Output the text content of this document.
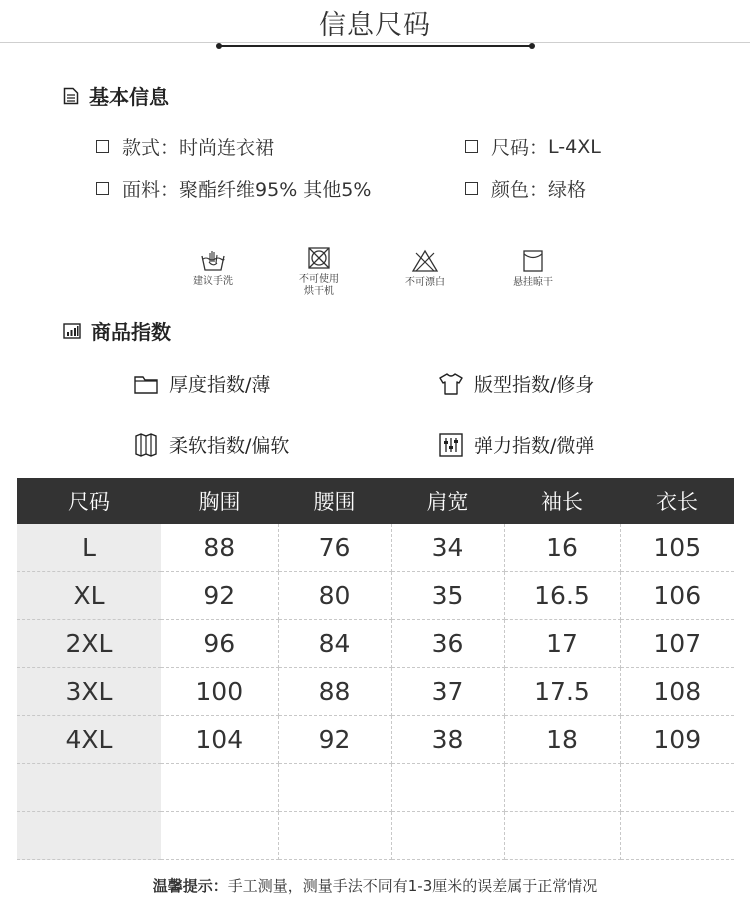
信息尺码
基本信息
款式 ： 时尚连衣裙	尺码 ： L-4XL
面料 ： 聚酯纤维95% 其他5%	颜色 ： 绿格
建议手洗	不可使用
烘干机
不可漂白	悬挂晾干
商品指数
厚度指数/薄	版型指数/修身
柔软指数/偏软	弹力指数/微弹
尺码	胸围	腰围	肩宽	袖长	衣长
L	88	76	34	16	105
XL	92	80	35	16.5	106
2XL	96	84	36	17	107
3XL	100	88	37	17.5	108
4XL	104	92	38	18	109

温馨提示：手工测量，测量手法不同有1-3厘米的误差属于正常情况
